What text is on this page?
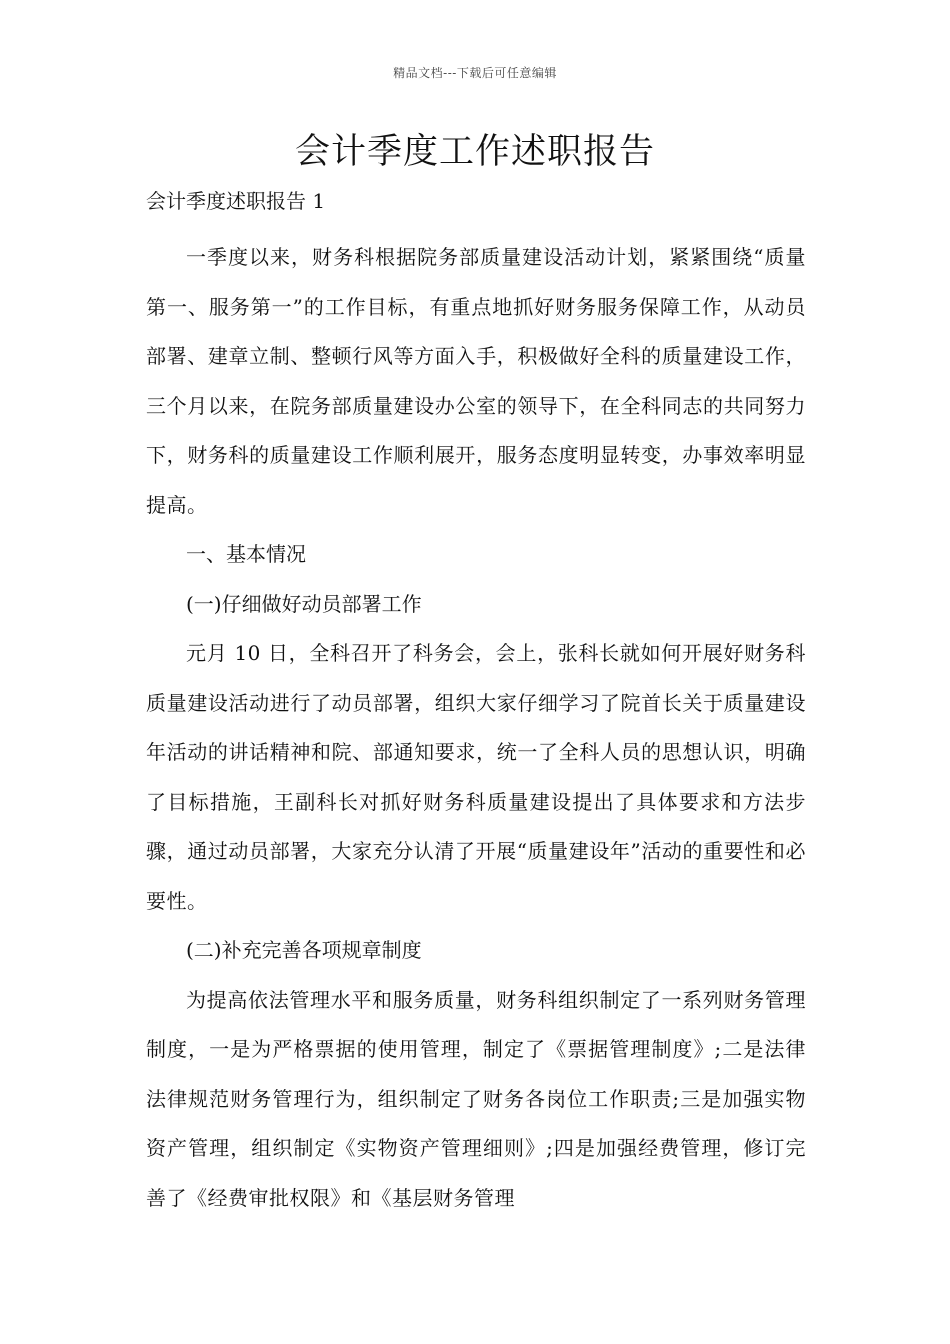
精品文档---下载后可任意编辑
会计季度工作述职报告

会计季度述职报告 1

一季度以来，财务科根据院务部质量建设活动计划，紧紧围绕“质量第一、服务第一”的工作目标，有重点地抓好财务服务保障工作，从动员部署、建章立制、整顿行风等方面入手，积极做好全科的质量建设工作，三个月以来，在院务部质量建设办公室的领导下，在全科同志的共同努力下，财务科的质量建设工作顺利展开，服务态度明显转变，办事效率明显提高。

一、基本情况

(一)仔细做好动员部署工作

元月 10 日，全科召开了科务会，会上，张科长就如何开展好财务科质量建设活动进行了动员部署，组织大家仔细学习了院首长关于质量建设年活动的讲话精神和院、部通知要求，统一了全科人员的思想认识，明确了目标措施，王副科长对抓好财务科质量建设提出了具体要求和方法步骤，通过动员部署，大家充分认清了开展“质量建设年”活动的重要性和必要性。

(二)补充完善各项规章制度

为提高依法管理水平和服务质量，财务科组织制定了一系列财务管理制度，一是为严格票据的使用管理，制定了《票据管理制度》;二是法律法律规范财务管理行为，组织制定了财务各岗位工作职责;三是加强实物资产管理，组织制定《实物资产管理细则》;四是加强经费管理，修订完善了《经费审批权限》和《基层财务管理
